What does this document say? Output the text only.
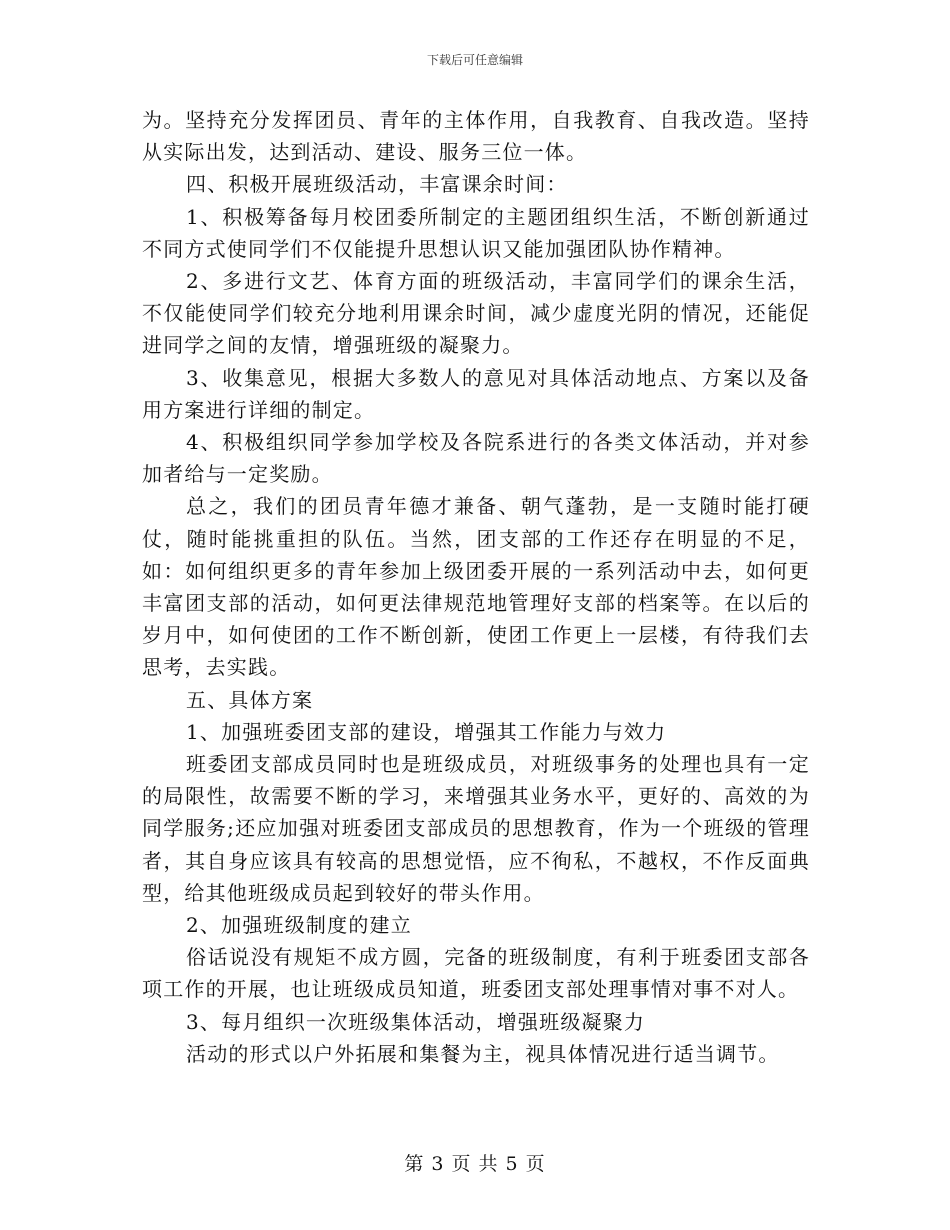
下载后可任意编辑

为。坚持充分发挥团员、青年的主体作用，自我教育、自我改造。坚持从实际出发，达到活动、建设、服务三位一体。

四、积极开展班级活动，丰富课余时间：

1、积极筹备每月校团委所制定的主题团组织生活，不断创新通过不同方式使同学们不仅能提升思想认识又能加强团队协作精神。

2、多进行文艺、体育方面的班级活动，丰富同学们的课余生活，不仅能使同学们较充分地利用课余时间，减少虚度光阴的情况，还能促进同学之间的友情，增强班级的凝聚力。

3、收集意见，根据大多数人的意见对具体活动地点、方案以及备用方案进行详细的制定。

4、积极组织同学参加学校及各院系进行的各类文体活动，并对参加者给与一定奖励。

总之，我们的团员青年德才兼备、朝气蓬勃，是一支随时能打硬仗，随时能挑重担的队伍。当然，团支部的工作还存在明显的不足，如：如何组织更多的青年参加上级团委开展的一系列活动中去，如何更丰富团支部的活动，如何更法律规范地管理好支部的档案等。在以后的岁月中，如何使团的工作不断创新，使团工作更上一层楼，有待我们去思考，去实践。

五、具体方案

1、加强班委团支部的建设，增强其工作能力与效力

班委团支部成员同时也是班级成员，对班级事务的处理也具有一定的局限性，故需要不断的学习，来增强其业务水平，更好的、高效的为同学服务;还应加强对班委团支部成员的思想教育，作为一个班级的管理者，其自身应该具有较高的思想觉悟，应不徇私，不越权，不作反面典型，给其他班级成员起到较好的带头作用。

2、加强班级制度的建立

俗话说没有规矩不成方圆，完备的班级制度，有利于班委团支部各项工作的开展，也让班级成员知道，班委团支部处理事情对事不对人。

3、每月组织一次班级集体活动，增强班级凝聚力

活动的形式以户外拓展和集餐为主，视具体情况进行适当调节。

第 3 页 共 5 页
